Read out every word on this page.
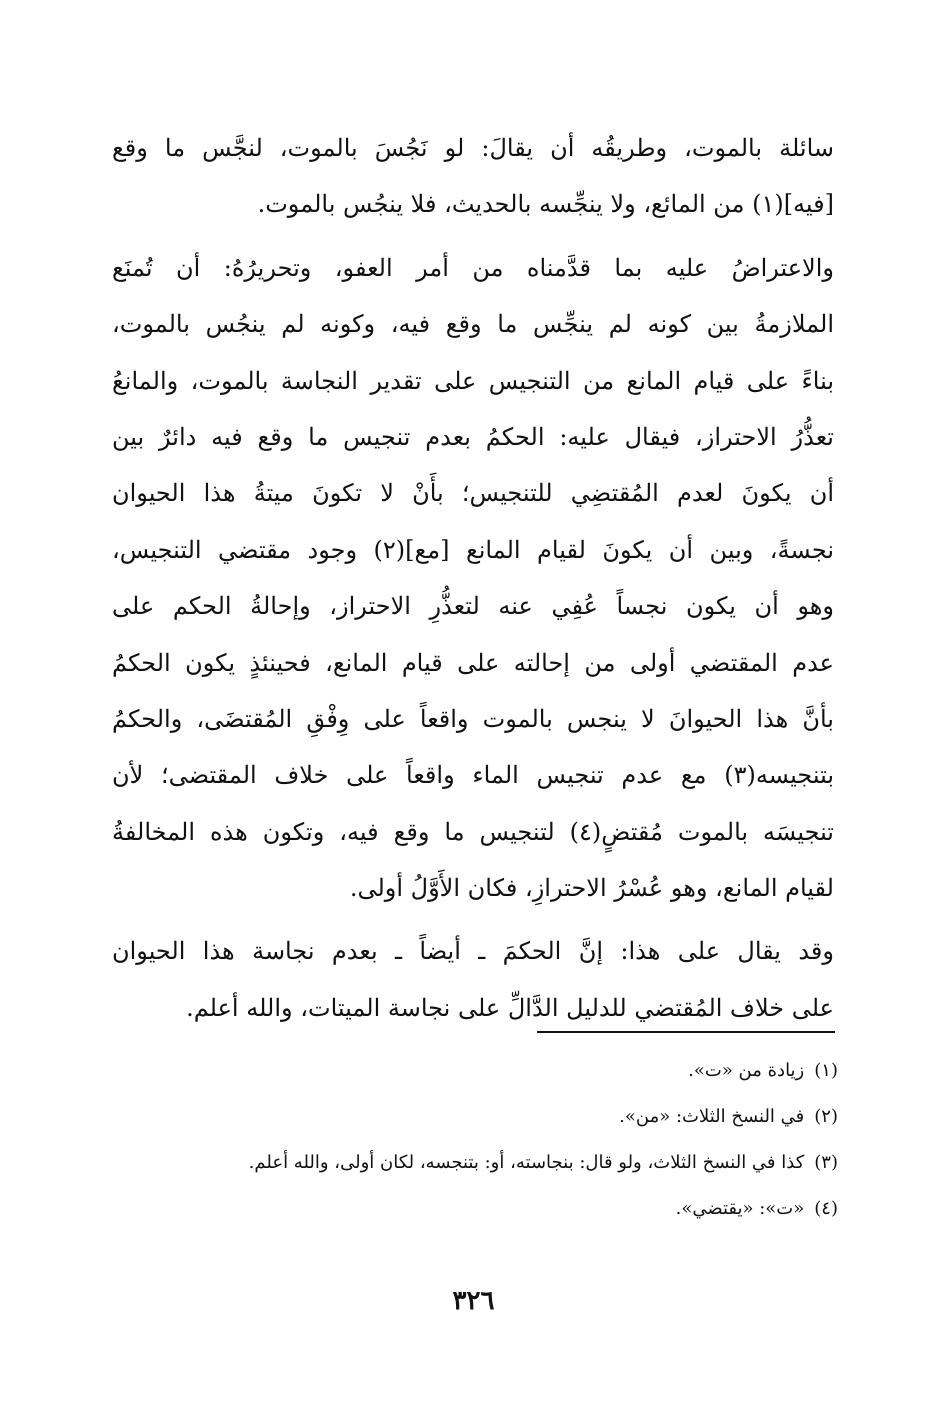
سائلة بالموت، وطريقُه أن يقالَ: لو نَجُسَ بالموت، لنجَّس ما وقع
[فيه](١) من المائع، ولا ينجِّسه بالحديث، فلا ينجُس بالموت.
والاعتراضُ عليه بما قدَّمناه من أمر العفو، وتحريرُهُ: أن تُمنَع
الملازمةُ بين كونه لم ينجِّس ما وقع فيه، وكونه لم ينجُس بالموت،
بناءً على قيام المانع من التنجيس على تقدير النجاسة بالموت، والمانعُ
تعذُّرُ الاحتراز، فيقال عليه: الحكمُ بعدم تنجيس ما وقع فيه دائرٌ بين
أن يكونَ لعدم المُقتضِي للتنجيس؛ بأَنْ لا تكونَ ميتةُ هذا الحيوان
نجسةً، وبين أن يكونَ لقيام المانع [مع](٢) وجود مقتضي التنجيس،
وهو أن يكون نجساً عُفِي عنه لتعذُّرِ الاحتراز، وإحالةُ الحكم على
عدم المقتضي أولى من إحالته على قيام المانع، فحينئذٍ يكون الحكمُ
بأنَّ هذا الحيوانَ لا ينجس بالموت واقعاً على وِفْقِ المُقتضَى، والحكمُ
بتنجيسه(٣) مع عدم تنجيس الماء واقعاً على خلاف المقتضى؛ لأن
تنجيسَه بالموت مُقتضٍ(٤) لتنجيس ما وقع فيه، وتكون هذه المخالفةُ
لقيام المانع، وهو عُسْرُ الاحترازِ، فكان الأَوَّلُ أولى.
وقد يقال على هذا: إنَّ الحكمَ ـ أيضاً ـ بعدم نجاسة هذا الحيوان
على خلاف المُقتضي للدليل الدَّالِّ على نجاسة الميتات، والله أعلم.
(١)زيادة من «ت».
(٢)في النسخ الثلاث: «من».
(٣)كذا في النسخ الثلاث، ولو قال: بنجاسته، أو: بتنجسه، لكان أولى، والله أعلم.
(٤)«ت»: «يقتضي».
٣٢٦
